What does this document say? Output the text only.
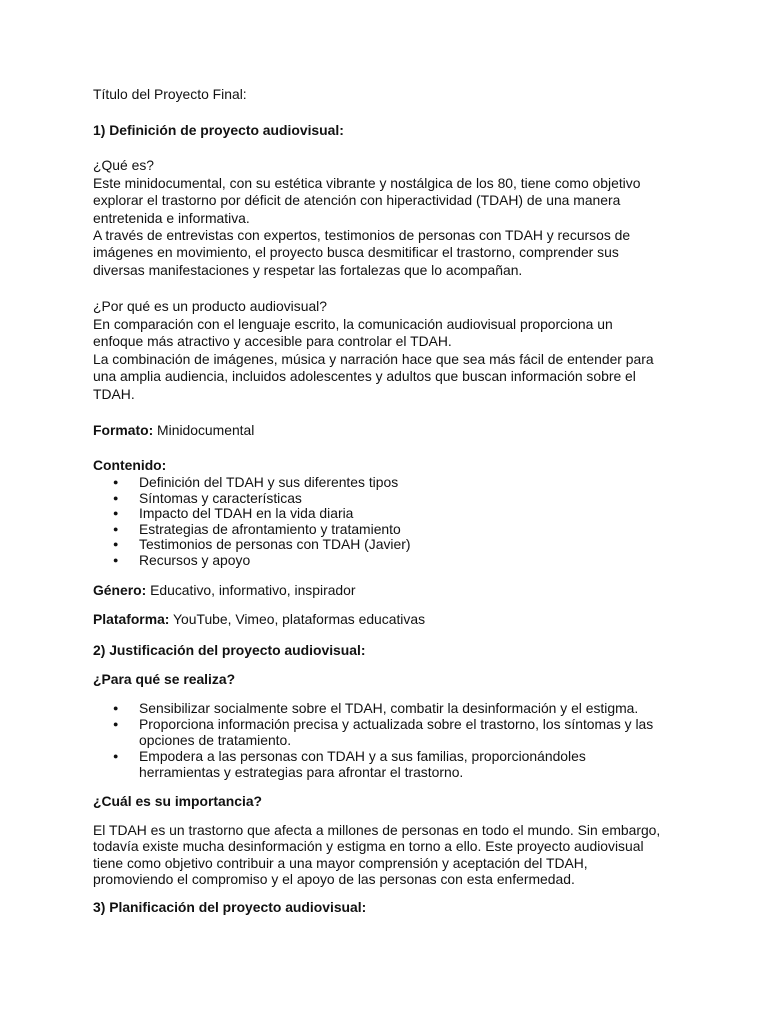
Título del Proyecto Final:

1) Definición de proyecto audiovisual:

¿Qué es?

Este minidocumental, con su estética vibrante y nostálgica de los 80, tiene como objetivo
explorar el trastorno por déficit de atención con hiperactividad (TDAH) de una manera
entretenida e informativa.
A través de entrevistas con expertos, testimonios de personas con TDAH y recursos de
imágenes en movimiento, el proyecto busca desmitificar el trastorno, comprender sus
diversas manifestaciones y respetar las fortalezas que lo acompañan.

¿Por qué es un producto audiovisual?

En comparación con el lenguaje escrito, la comunicación audiovisual proporciona un
enfoque más atractivo y accesible para controlar el TDAH.
La combinación de imágenes, música y narración hace que sea más fácil de entender para
una amplia audiencia, incluidos adolescentes y adultos que buscan información sobre el
TDAH.

Formato: Minidocumental

Contenido:

● Definición del TDAH y sus diferentes tipos
● Síntomas y características
● Impacto del TDAH en la vida diaria
● Estrategias de afrontamiento y tratamiento
● Testimonios de personas con TDAH (Javier)
● Recursos y apoyo

Género: Educativo, informativo, inspirador

Plataforma: YouTube, Vimeo, plataformas educativas

2) Justificación del proyecto audiovisual:

¿Para qué se realiza?

● Sensibilizar socialmente sobre el TDAH, combatir la desinformación y el estigma.
● Proporciona información precisa y actualizada sobre el trastorno, los síntomas y las
opciones de tratamiento.
● Empodera a las personas con TDAH y a sus familias, proporcionándoles
herramientas y estrategias para afrontar el trastorno.

¿Cuál es su importancia?

El TDAH es un trastorno que afecta a millones de personas en todo el mundo. Sin embargo,
todavía existe mucha desinformación y estigma en torno a ello. Este proyecto audiovisual
tiene como objetivo contribuir a una mayor comprensión y aceptación del TDAH,
promoviendo el compromiso y el apoyo de las personas con esta enfermedad.

3) Planificación del proyecto audiovisual:
